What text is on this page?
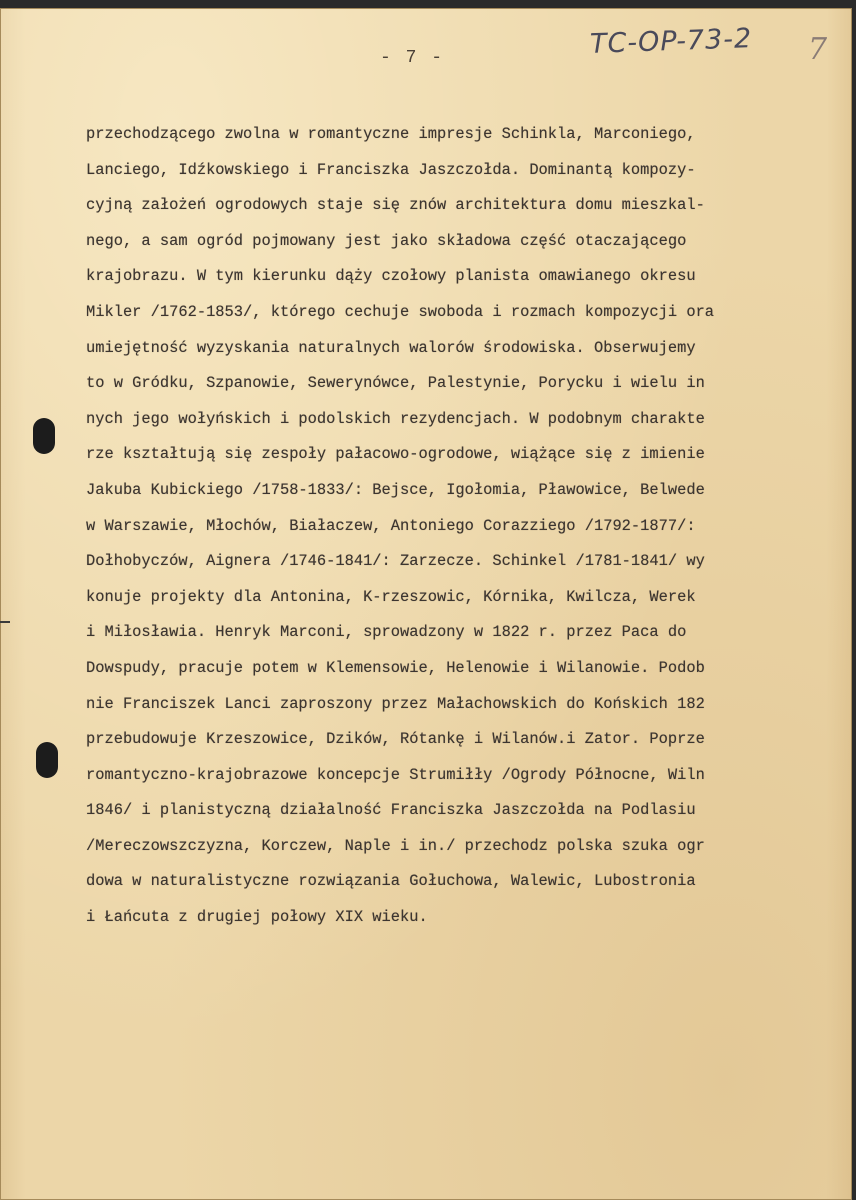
TC-OP-73-2 7
- 7 -
przechodzącego zwolna w romantyczne impresje Schinkla, Marconiego,
Lanciego, Idźkowskiego i Franciszka Jaszczołda. Dominantą kompozy-
cyjną założeń ogrodowych staje się znów architektura domu mieszkal-
nego, a sam ogród pojmowany jest jako składowa część otaczającego
krajobrazu. W tym kierunku dąży czołowy planista omawianego okresu
Mikler /1762-1853/, którego cechuje swoboda i rozmach kompozycji ora
umiejętność wyzyskania naturalnych walorów środowiska. Obserwujemy
to w Gródku, Szpanowie, Sewerynówce, Palestynie, Porycku i wielu in
nych jego wołyńskich i podolskich rezydencjach. W podobnym charakte
rze kształtują się zespoły pałacowo-ogrodowe, wiążące się z imienie
Jakuba Kubickiego /1758-1833/: Bejsce, Igołomia, Pławowice, Belwede
w Warszawie, Młochów, Białaczew, Antoniego Corazziego /1792-1877/:
Dołhobyczów, Aignera /1746-1841/: Zarzecze. Schinkel /1781-1841/ wy
konuje projekty dla Antonina, K-rzeszowic, Kórnika, Kwilcza, Werek
i Miłosławia. Henryk Marconi, sprowadzony w 1822 r. przez Paca do
Dowspudy, pracuje potem w Klemensowie, Helenowie i Wilanowie. Podob
nie Franciszek Lanci zaproszony przez Małachowskich do Końskich 182
przebudowuje Krzeszowice, Dzików, Rótankę i Wilanów.i Zator. Poprze
romantyczno-krajobrazowe koncepcje Strumiłły /Ogrody Północne, Wiln
1846/ i planistyczną działalność Franciszka Jaszczołda na Podlasiu
/Mereczowszczyzna, Korczew, Naple i in./ przechodz polska szuka ogr
dowa w naturalistyczne rozwiązania Gołuchowa, Walewic, Lubostronia
i Łańcuta z drugiej połowy XIX wieku.
